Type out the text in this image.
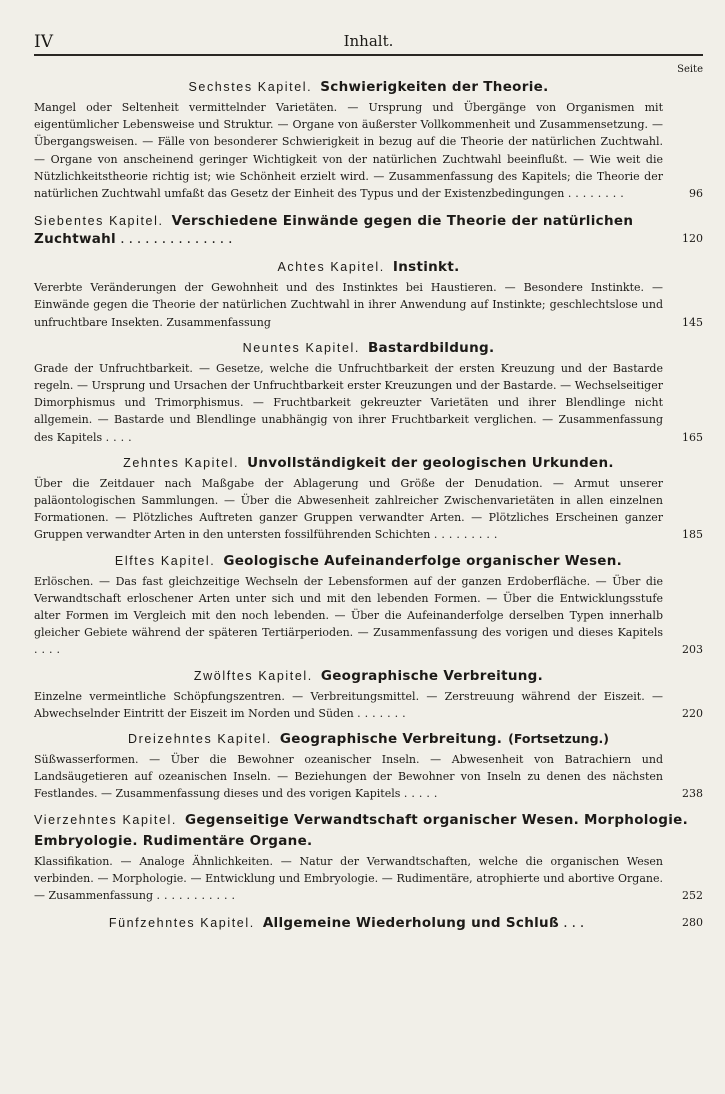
IV	Inhalt.
Seite
Sechstes Kapitel. Schwierigkeiten der Theorie.
Mangel oder Seltenheit vermittelnder Varietäten. — Ursprung und Übergänge von Organismen mit eigentümlicher Lebensweise und Struktur. — Organe von äußerster Vollkommenheit und Zusammensetzung. — Übergangsweisen. — Fälle von besonderer Schwierigkeit in bezug auf die Theorie der natürlichen Zuchtwahl. — Organe von anscheinend geringer Wichtigkeit von der natürlichen Zuchtwahl beeinflußt. — Wie weit die Nützlichkeitstheorie richtig ist; wie Schönheit erzielt wird. — Zusammenfassung des Kapitels; die Theorie der natürlichen Zuchtwahl umfaßt das Gesetz der Einheit des Typus und der Existenzbedingungen ........	96
Siebentes Kapitel. Verschiedene Einwände gegen die Theorie der natürlichen Zuchtwahl ..............	120
Achtes Kapitel. Instinkt.
Vererbte Veränderungen der Gewohnheit und des Instinktes bei Haustieren. — Besondere Instinkte. — Einwände gegen die Theorie der natürlichen Zuchtwahl in ihrer Anwendung auf Instinkte; geschlechtslose und unfruchtbare Insekten. Zusammenfassung	145
Neuntes Kapitel. Bastardbildung.
Grade der Unfruchtbarkeit. — Gesetze, welche die Unfruchtbarkeit der ersten Kreuzung und der Bastarde regeln. — Ursprung und Ursachen der Unfruchtbarkeit erster Kreuzungen und der Bastarde. — Wechselseitiger Dimorphismus und Trimorphismus. — Fruchtbarkeit gekreuzter Varietäten und ihrer Blendlinge nicht allgemein. — Bastarde und Blendlinge unabhängig von ihrer Fruchtbarkeit verglichen. — Zusammenfassung des Kapitels ....	165
Zehntes Kapitel. Unvollständigkeit der geologischen Urkunden.
Über die Zeitdauer nach Maßgabe der Ablagerung und Größe der Denudation. — Armut unserer paläontologischen Sammlungen. — Über die Abwesenheit zahlreicher Zwischenvarietäten in allen einzelnen Formationen. — Plötzliches Auftreten ganzer Gruppen verwandter Arten. — Plötzliches Erscheinen ganzer Gruppen verwandter Arten in den untersten fossilführenden Schichten .........	185
Elftes Kapitel. Geologische Aufeinanderfolge organischer Wesen.
Erlöschen. — Das fast gleichzeitige Wechseln der Lebensformen auf der ganzen Erdoberfläche. — Über die Verwandtschaft erloschener Arten unter sich und mit den lebenden Formen. — Über die Entwicklungsstufe alter Formen im Vergleich mit den noch lebenden. — Über die Aufeinanderfolge derselben Typen innerhalb gleicher Gebiete während der späteren Tertiärperioden. — Zusammenfassung des vorigen und dieses Kapitels ....	203
Zwölftes Kapitel. Geographische Verbreitung.
Einzelne vermeintliche Schöpfungszentren. — Verbreitungsmittel. — Zerstreuung während der Eiszeit. — Abwechselnder Eintritt der Eiszeit im Norden und Süden .......	220
Dreizehntes Kapitel. Geographische Verbreitung. (Fortsetzung.)
Süßwasserformen. — Über die Bewohner ozeanischer Inseln. — Abwesenheit von Batrachiern und Landsäugetieren auf ozeanischen Inseln. — Beziehungen der Bewohner von Inseln zu denen des nächsten Festlandes. — Zusammenfassung dieses und des vorigen Kapitels .....	238
Vierzehntes Kapitel. Gegenseitige Verwandtschaft organischer Wesen. Morphologie. Embryologie. Rudimentäre Organe.
Klassifikation. — Analoge Ähnlichkeiten. — Natur der Verwandtschaften, welche die organischen Wesen verbinden. — Morphologie. — Entwicklung und Embryologie. — Rudimentäre, atrophierte und abortive Organe. — Zusammenfassung ...........	252
Fünfzehntes Kapitel. Allgemeine Wiederholung und Schluß ...	280
